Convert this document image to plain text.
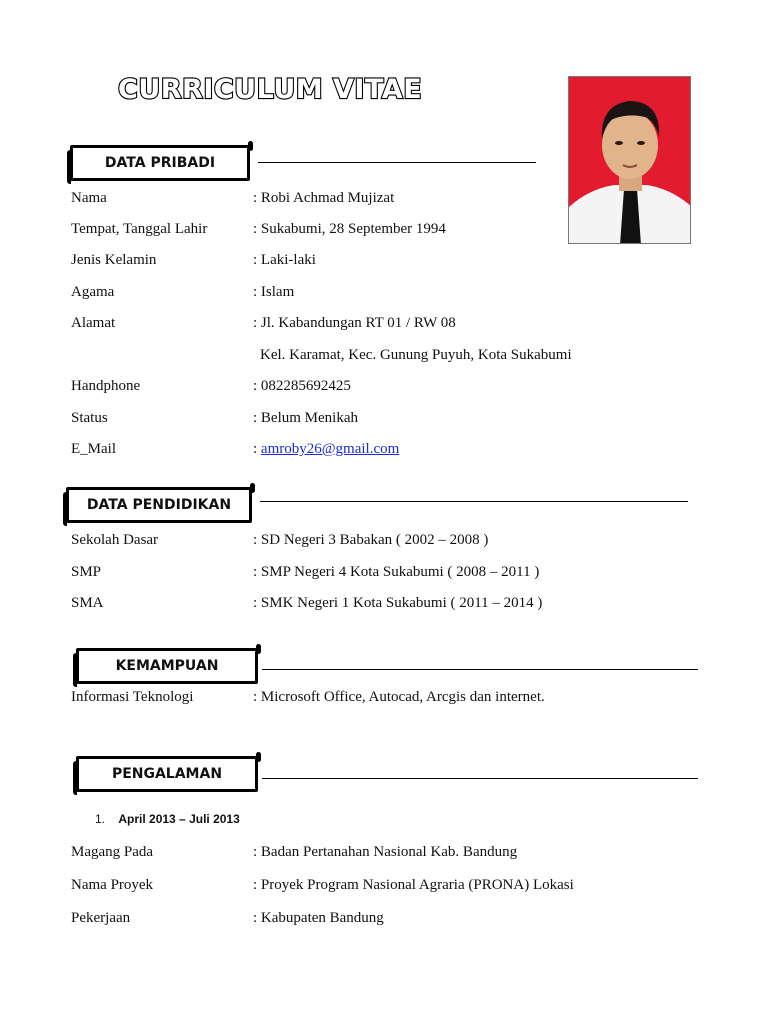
CURRICULUM VITAE
DATA PRIBADI
Nama	: Robi Achmad Mujizat
Tempat, Tanggal Lahir	: Sukabumi, 28 September 1994
Jenis Kelamin	: Laki-laki
Agama	: Islam
Alamat	: Jl. Kabandungan RT 01 / RW 08
Kel. Karamat, Kec. Gunung Puyuh, Kota Sukabumi
Handphone	: 082285692425
Status	: Belum Menikah
E_Mail	: amroby26@gmail.com
DATA PENDIDIKAN
Sekolah Dasar	: SD Negeri 3 Babakan ( 2002 – 2008 )
SMP	: SMP Negeri 4 Kota Sukabumi ( 2008 – 2011 )
SMA	: SMK Negeri 1 Kota Sukabumi ( 2011 – 2014 )
KEMAMPUAN
Informasi Teknologi	: Microsoft Office, Autocad, Arcgis dan internet.
PENGALAMAN
1. April 2013 – Juli 2013
Magang Pada	: Badan Pertanahan Nasional Kab. Bandung
Nama Proyek	: Proyek Program Nasional Agraria (PRONA) Lokasi
Pekerjaan	: Kabupaten Bandung
